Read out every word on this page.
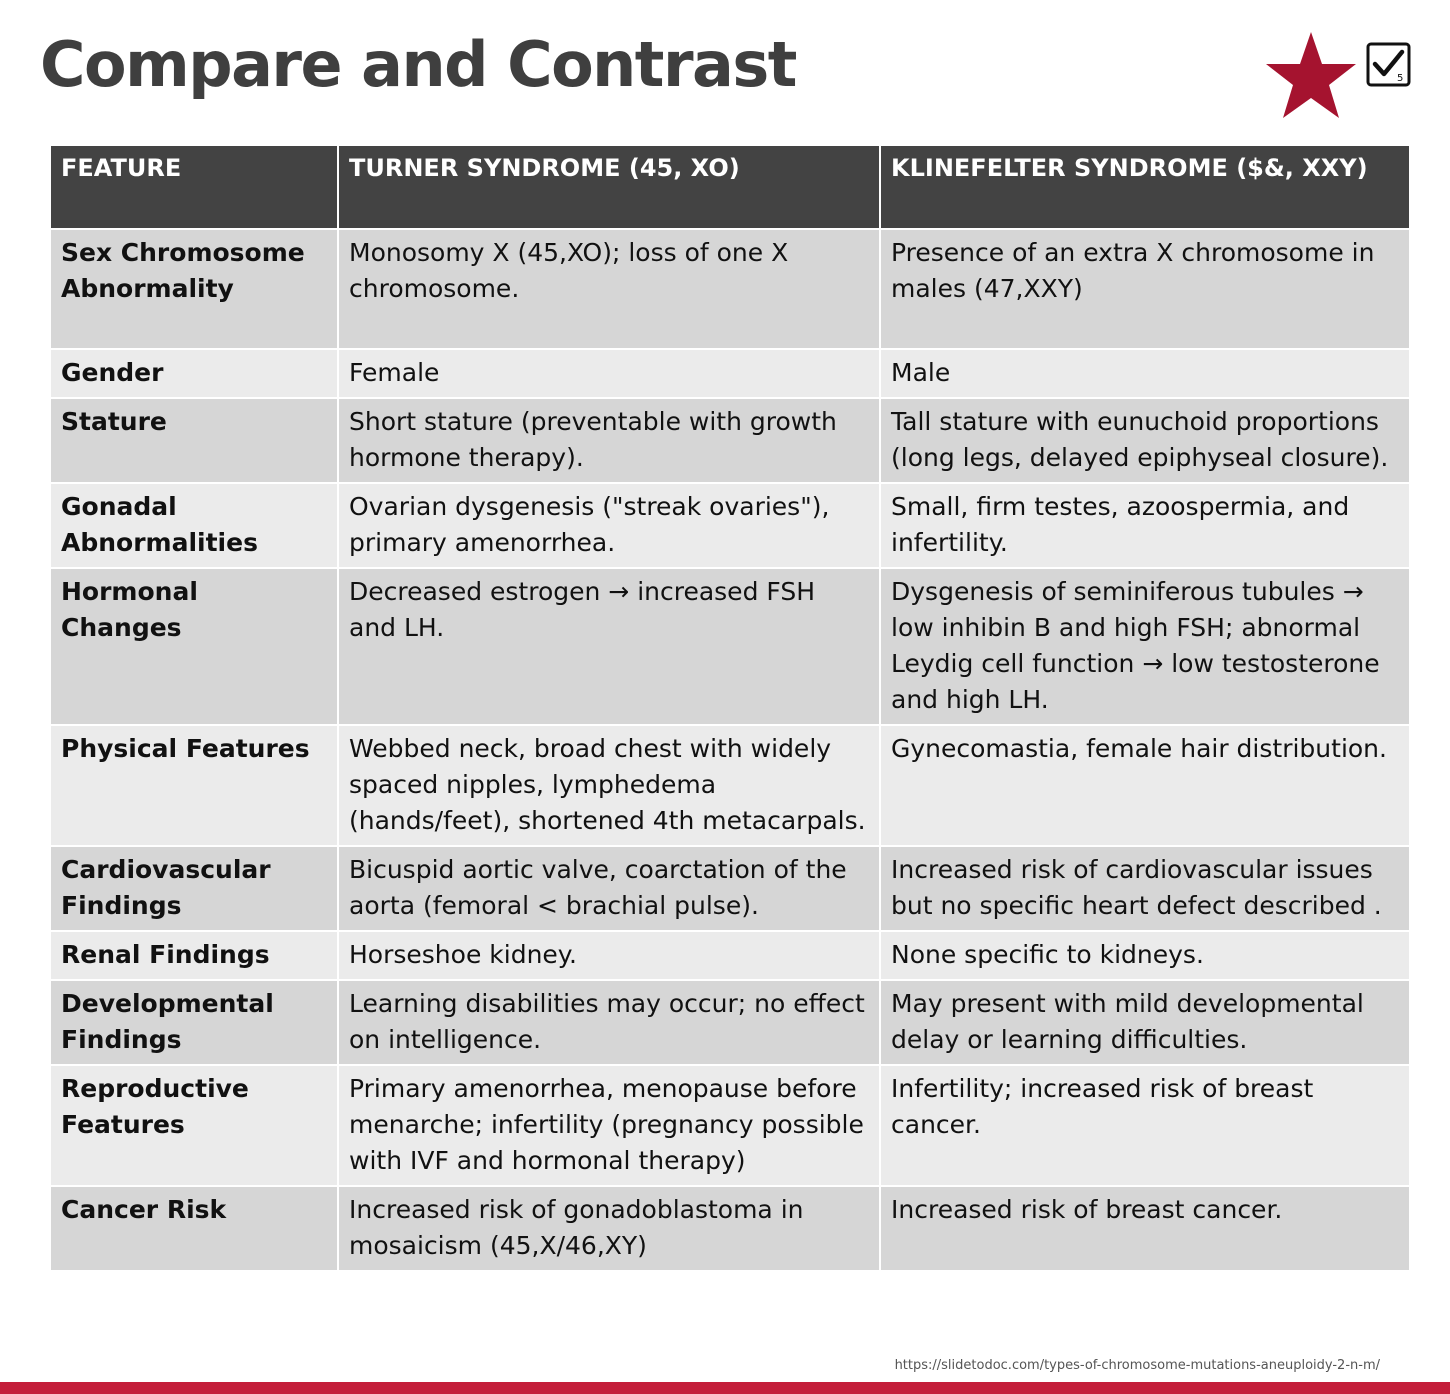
Compare and Contrast	5
FEATURE	TURNER SYNDROME (45, XO)	KLINEFELTER SYNDROME ($&, XXY)
Sex Chromosome Abnormality	Monosomy X (45,XO); loss of one X chromosome.	Presence of an extra X chromosome in males (47,XXY)
Gender	Female	Male
Stature	Short stature (preventable with growth hormone therapy).	Tall stature with eunuchoid proportions (long legs, delayed epiphyseal closure).
Gonadal Abnormalities	Ovarian dysgenesis ("streak ovaries"), primary amenorrhea.	Small, firm testes, azoospermia, and infertility.
Hormonal Changes	Decreased estrogen → increased FSH and LH.	Dysgenesis of seminiferous tubules → low inhibin B and high FSH; abnormal Leydig cell function → low testosterone and high LH.
Physical Features	Webbed neck, broad chest with widely spaced nipples, lymphedema (hands/feet), shortened 4th metacarpals.	Gynecomastia, female hair distribution.
Cardiovascular Findings	Bicuspid aortic valve, coarctation of the aorta (femoral < brachial pulse).	Increased risk of cardiovascular issues but no specific heart defect described .
Renal Findings	Horseshoe kidney.	None specific to kidneys.
Developmental Findings	Learning disabilities may occur; no effect on intelligence.	May present with mild developmental delay or learning difficulties.
Reproductive Features	Primary amenorrhea, menopause before menarche; infertility (pregnancy possible with IVF and hormonal therapy)	Infertility; increased risk of breast cancer.
Cancer Risk	Increased risk of gonadoblastoma in mosaicism (45,X/46,XY)	Increased risk of breast cancer.
https://slidetodoc.com/types-of-chromosome-mutations-aneuploidy-2-n-m/
